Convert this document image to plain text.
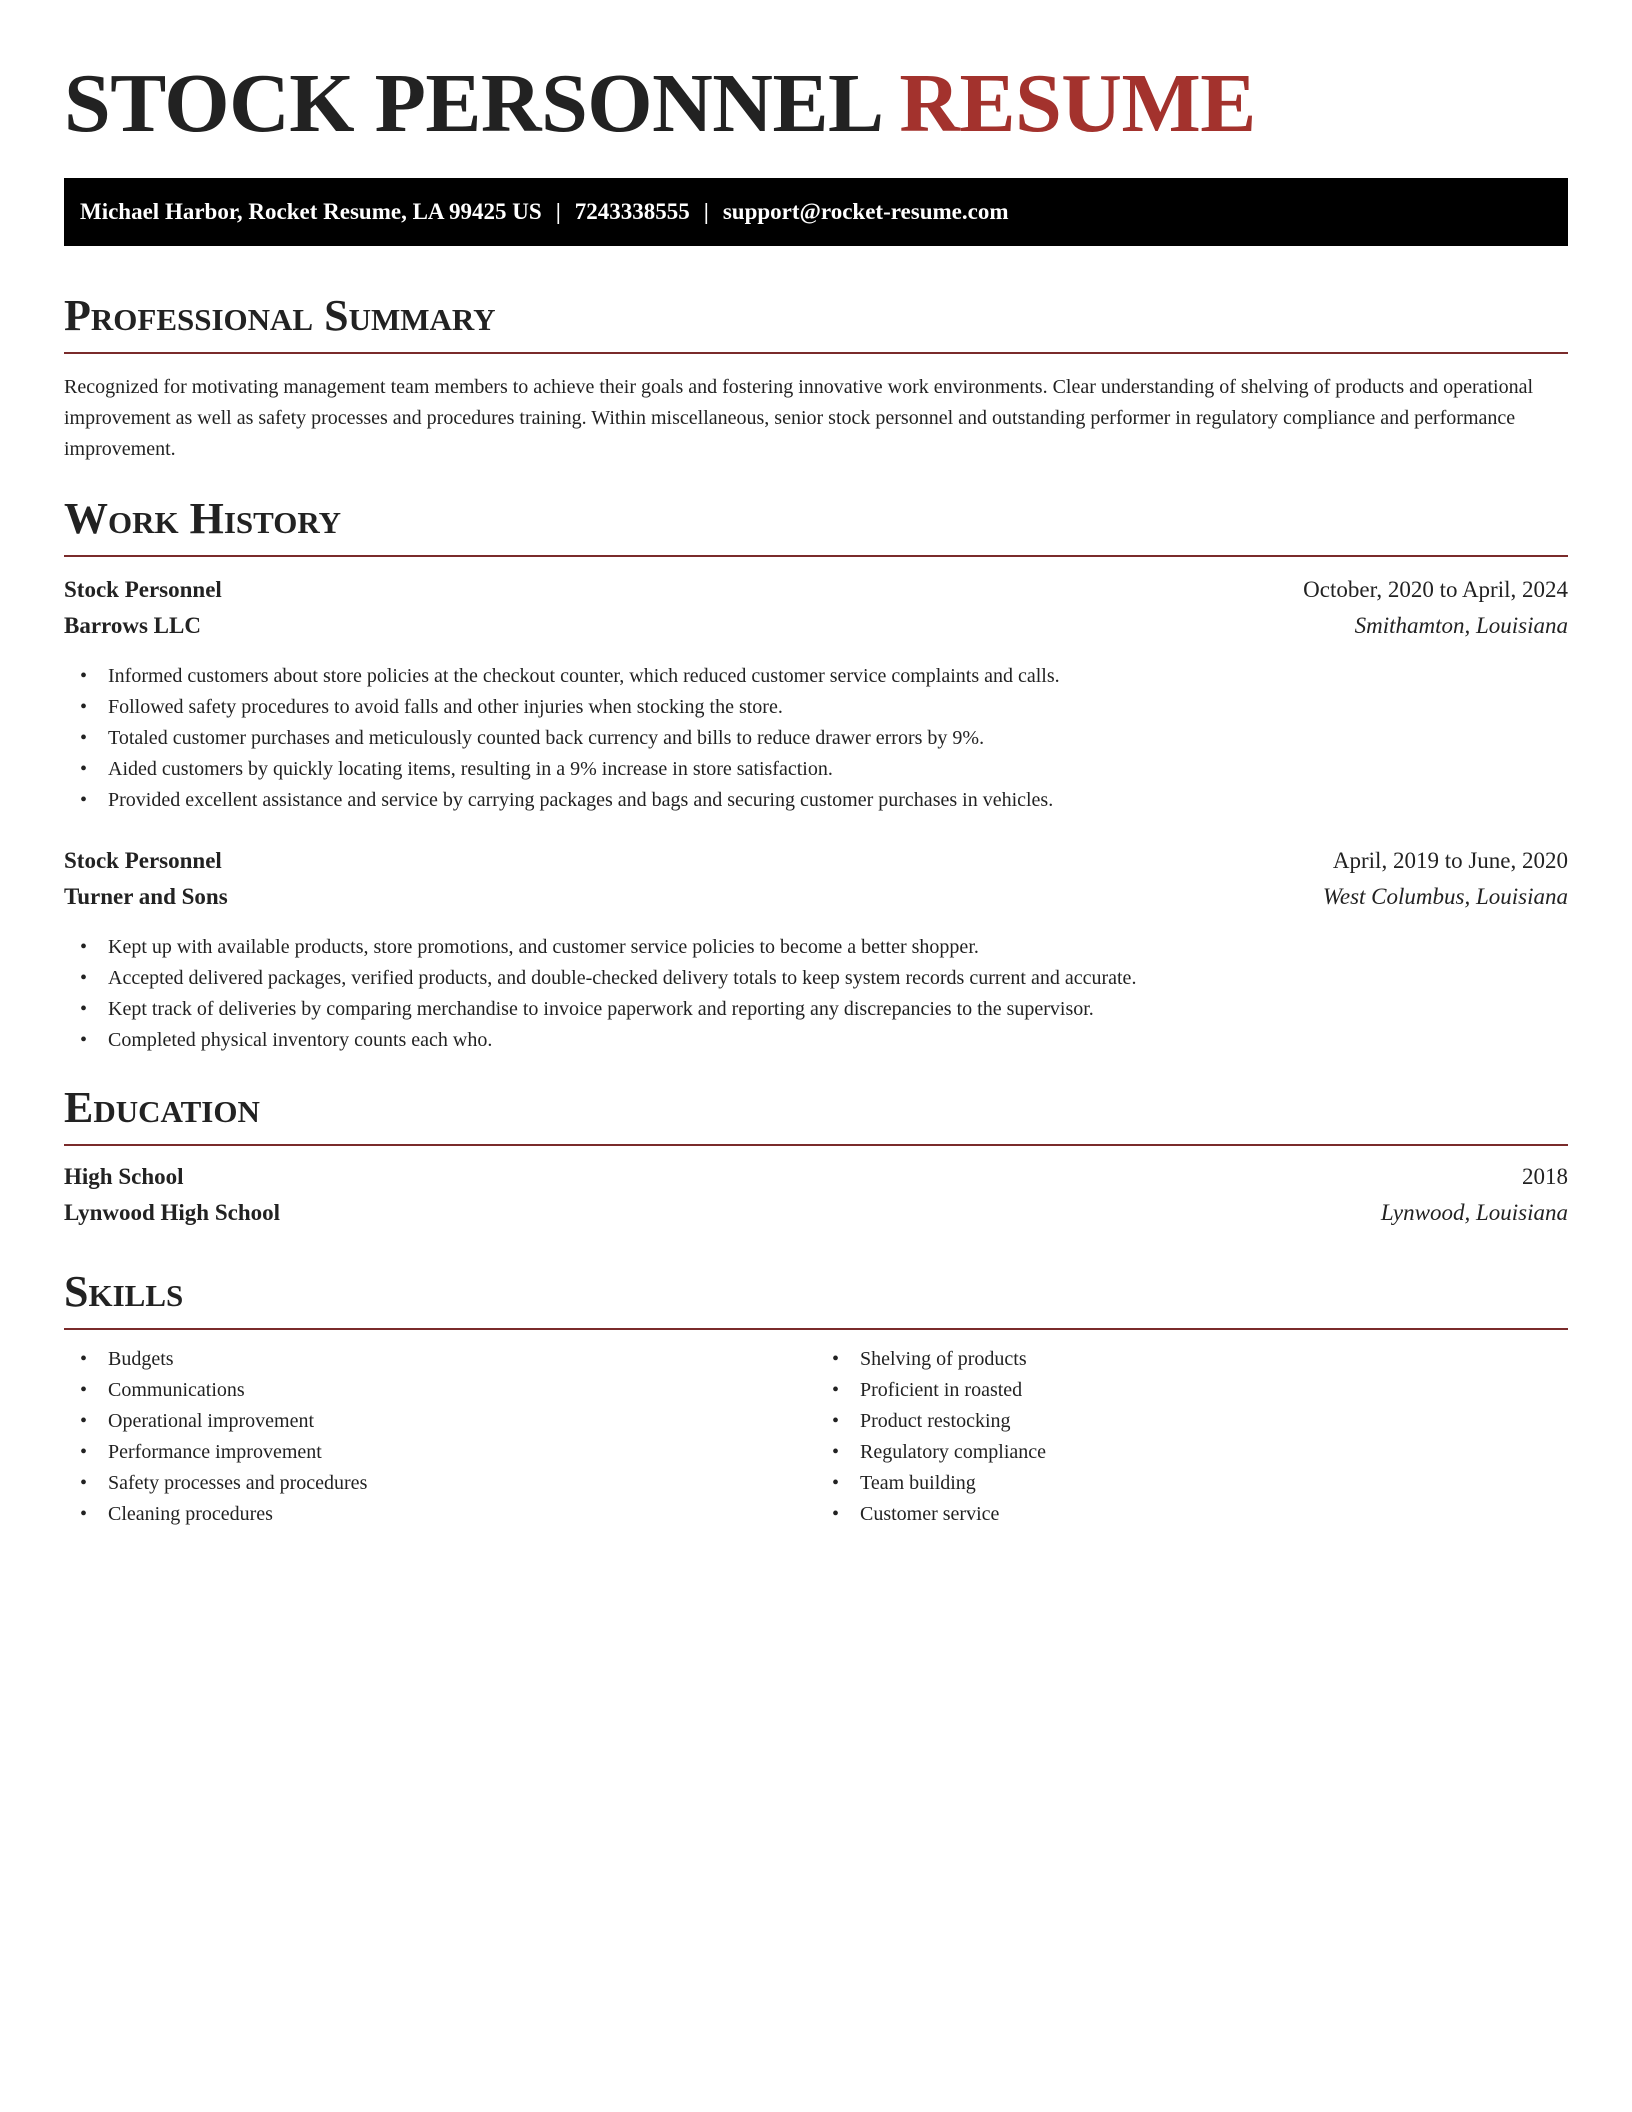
STOCK PERSONNEL RESUME
Michael Harbor, Rocket Resume, LA 99425 US | 7243338555 | support@rocket-resume.com
Professional Summary

Recognized for motivating management team members to achieve their goals and fostering innovative work environments. Clear understanding of shelving of products and operational improvement as well as safety processes and procedures training. Within miscellaneous, senior stock personnel and outstanding performer in regulatory compliance and performance improvement.

Work History
Stock Personnel	October, 2020 to April, 2024
Barrows LLC	Smithamton, Louisiana
• Informed customers about store policies at the checkout counter, which reduced customer service complaints and calls.
• Followed safety procedures to avoid falls and other injuries when stocking the store.
• Totaled customer purchases and meticulously counted back currency and bills to reduce drawer errors by 9%.
• Aided customers by quickly locating items, resulting in a 9% increase in store satisfaction.
• Provided excellent assistance and service by carrying packages and bags and securing customer purchases in vehicles.
Stock Personnel	April, 2019 to June, 2020
Turner and Sons	West Columbus, Louisiana
• Kept up with available products, store promotions, and customer service policies to become a better shopper.
• Accepted delivered packages, verified products, and double-checked delivery totals to keep system records current and accurate.
• Kept track of deliveries by comparing merchandise to invoice paperwork and reporting any discrepancies to the supervisor.
• Completed physical inventory counts each who.
Education
High School	2018
Lynwood High School	Lynwood, Louisiana
Skills
• Budgets
• Communications
• Operational improvement
• Performance improvement
• Safety processes and procedures
• Cleaning procedures
• Shelving of products
• Proficient in roasted
• Product restocking
• Regulatory compliance
• Team building
• Customer service
